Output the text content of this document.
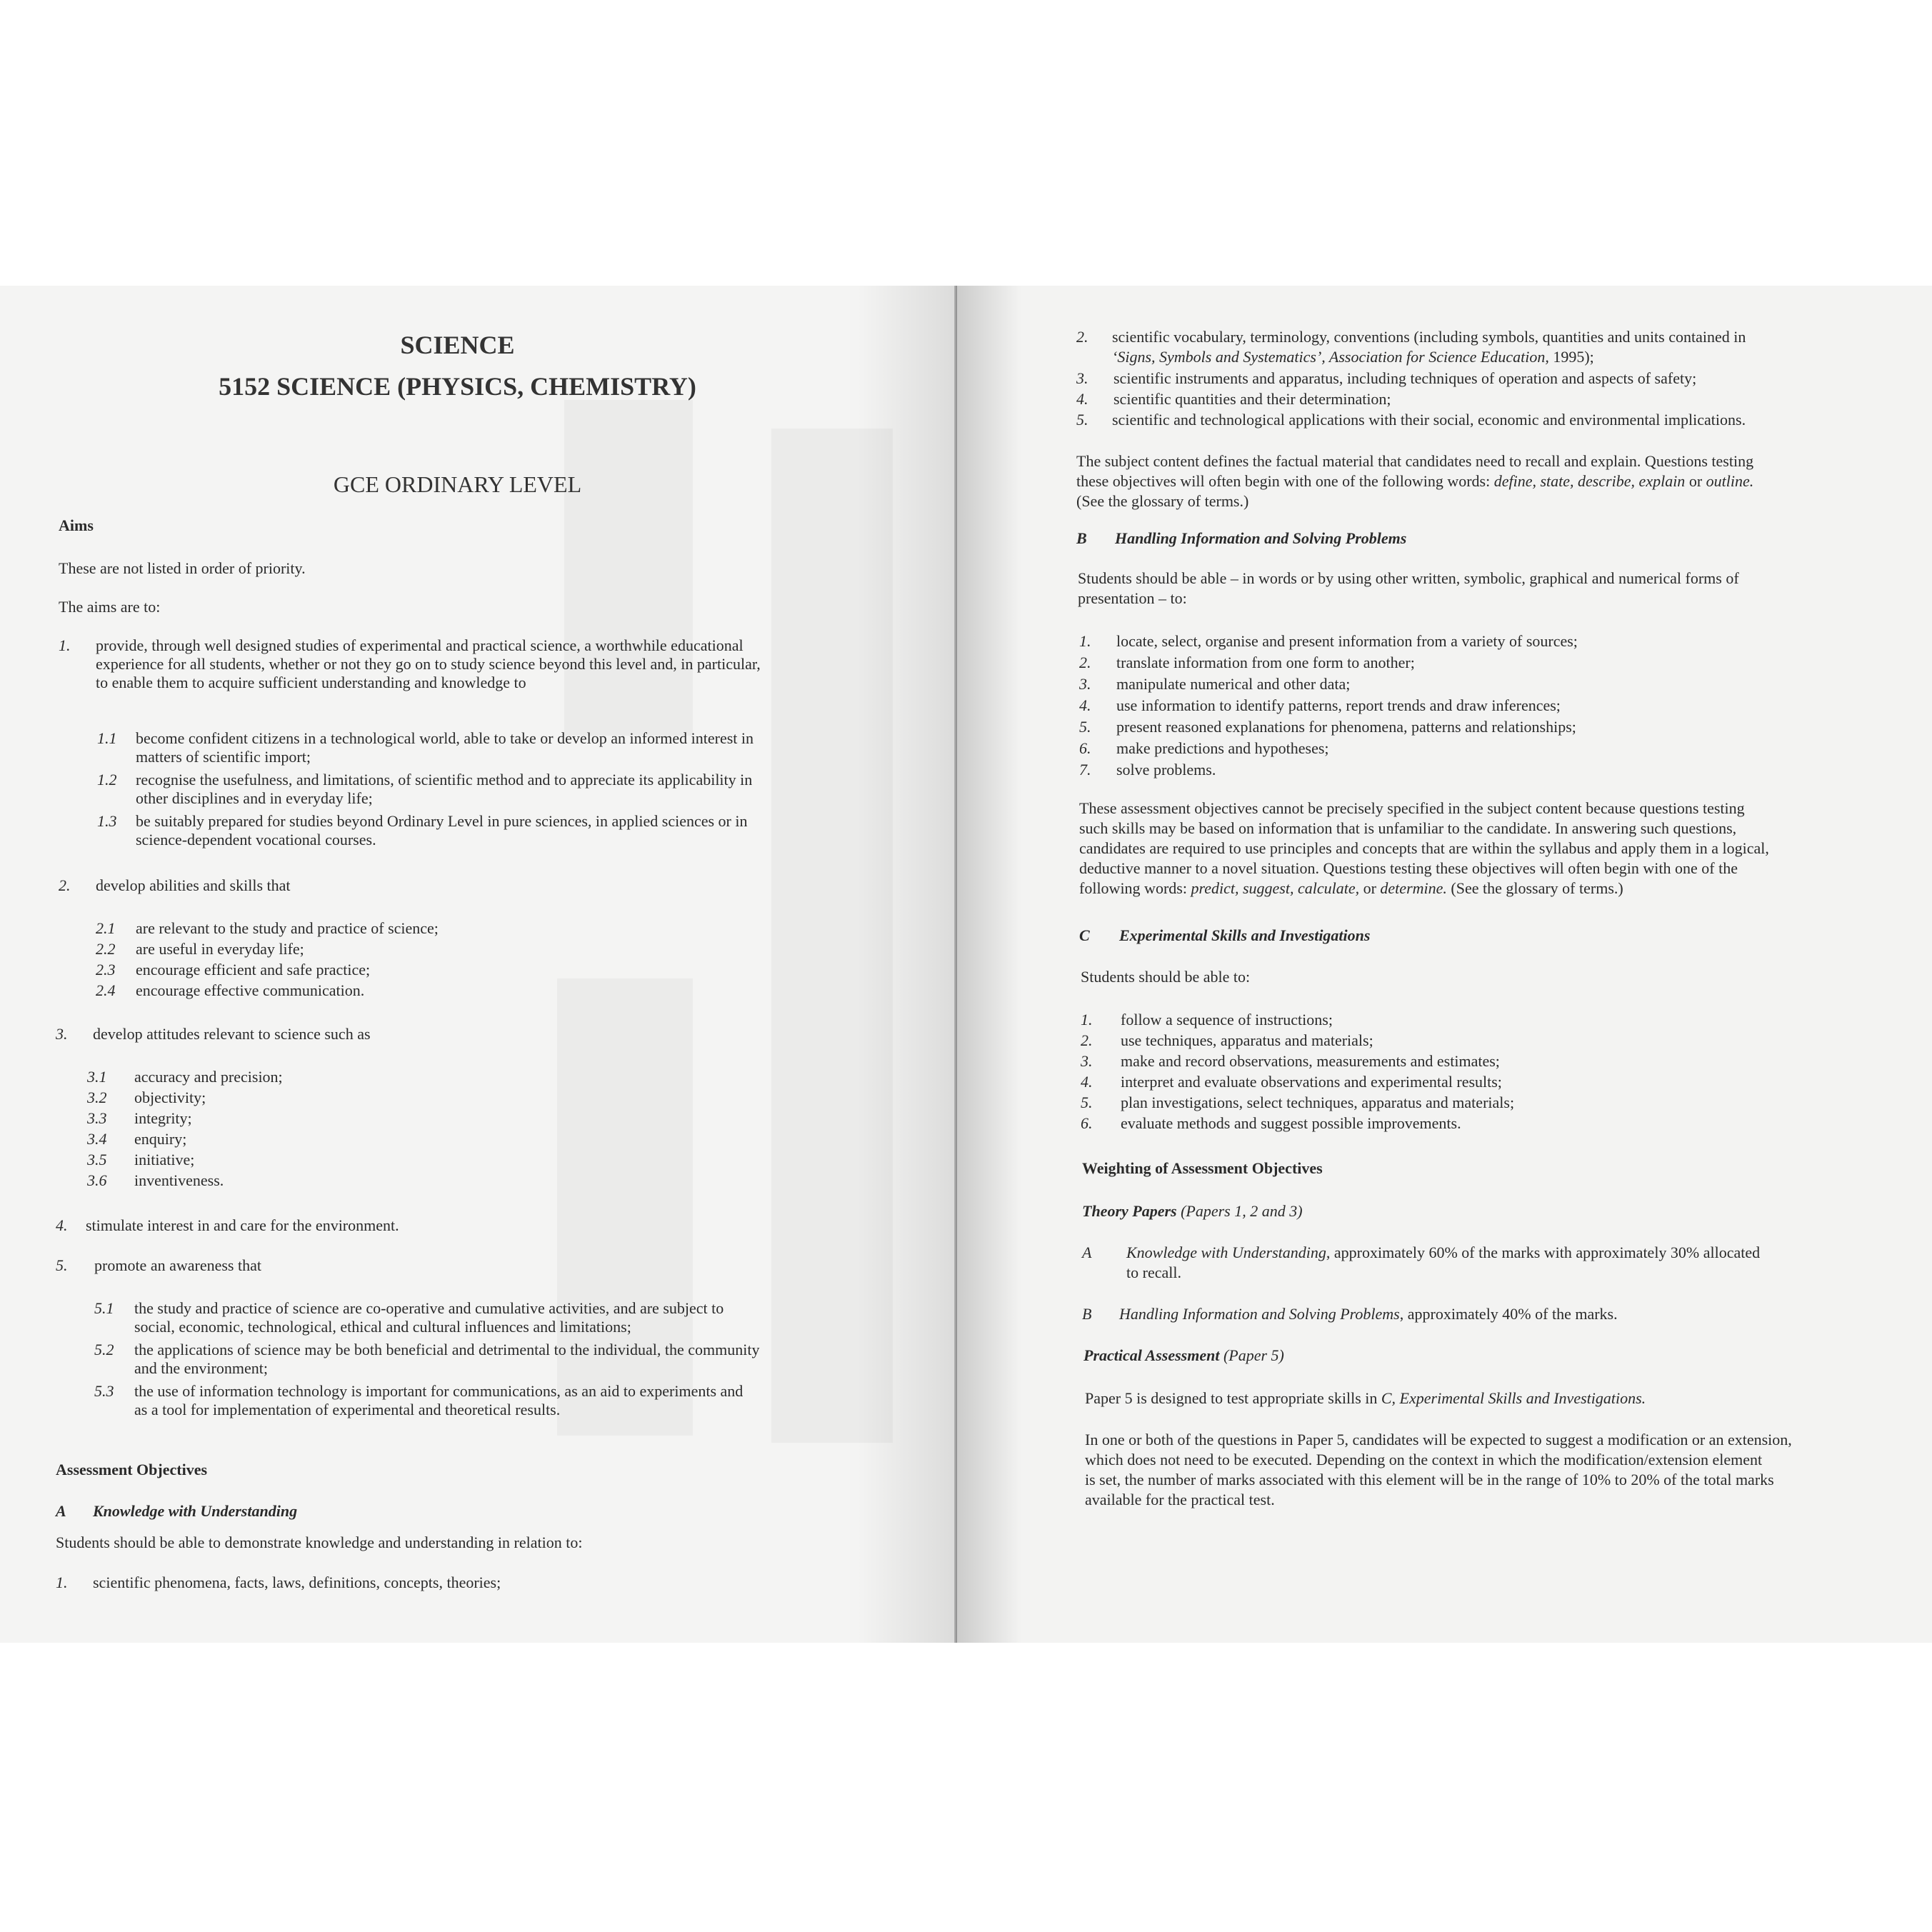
SCIENCE
5152 SCIENCE (PHYSICS, CHEMISTRY)
GCE ORDINARY LEVEL
Aims

These are not listed in order of priority.

The aims are to:

1. provide, through well designed studies of experimental and practical science, a worthwhile educational
experience for all students, whether or not they go on to study science beyond this level and, in particular,
to enable them to acquire sufficient understanding and knowledge to
1.1 become confident citizens in a technological world, able to take or develop an informed interest in
matters of scientific import;
1.2 recognise the usefulness, and limitations, of scientific method and to appreciate its applicability in
other disciplines and in everyday life;
1.3 be suitably prepared for studies beyond Ordinary Level in pure sciences, in applied sciences or in
science-dependent vocational courses.
2. develop abilities and skills that
2.1 are relevant to the study and practice of science;
2.2 are useful in everyday life;
2.3 encourage efficient and safe practice;
2.4 encourage effective communication.
3. develop attitudes relevant to science such as
3.1 accuracy and precision;
3.2 objectivity;
3.3 integrity;
3.4 enquiry;
3.5 initiative;
3.6 inventiveness.
4. stimulate interest in and care for the environment.
5. promote an awareness that
5.1 the study and practice of science are co-operative and cumulative activities, and are subject to
social, economic, technological, ethical and cultural influences and limitations;
5.2 the applications of science may be both beneficial and detrimental to the individual, the community
and the environment;
5.3 the use of information technology is important for communications, as an aid to experiments and
as a tool for implementation of experimental and theoretical results.
Assessment Objectives
A Knowledge with Understanding

Students should be able to demonstrate knowledge and understanding in relation to:

1. scientific phenomena, facts, laws, definitions, concepts, theories;
2. scientific vocabulary, terminology, conventions (including symbols, quantities and units contained in
‘Signs, Symbols and Systematics’, Association for Science Education, 1995);
3. scientific instruments and apparatus, including techniques of operation and aspects of safety;
4. scientific quantities and their determination;
5. scientific and technological applications with their social, economic and environmental implications.

The subject content defines the factual material that candidates need to recall and explain. Questions testing

these objectives will often begin with one of the following words: define, state, describe, explain or outline.

(See the glossary of terms.)

B Handling Information and Solving Problems

Students should be able – in words or by using other written, symbolic, graphical and numerical forms of

presentation – to:

1. locate, select, organise and present information from a variety of sources;
2. translate information from one form to another;
3. manipulate numerical and other data;
4. use information to identify patterns, report trends and draw inferences;
5. present reasoned explanations for phenomena, patterns and relationships;
6. make predictions and hypotheses;
7. solve problems.

These assessment objectives cannot be precisely specified in the subject content because questions testing

such skills may be based on information that is unfamiliar to the candidate. In answering such questions,

candidates are required to use principles and concepts that are within the syllabus and apply them in a logical,

deductive manner to a novel situation. Questions testing these objectives will often begin with one of the

following words: predict, suggest, calculate, or determine. (See the glossary of terms.)

C Experimental Skills and Investigations

Students should be able to:

1. follow a sequence of instructions;
2. use techniques, apparatus and materials;
3. make and record observations, measurements and estimates;
4. interpret and evaluate observations and experimental results;
5. plan investigations, select techniques, apparatus and materials;
6. evaluate methods and suggest possible improvements.
Weighting of Assessment Objectives

Theory Papers (Papers 1, 2 and 3)

A Knowledge with Understanding, approximately 60% of the marks with approximately 30% allocated
to recall.
B Handling Information and Solving Problems, approximately 40% of the marks.

Practical Assessment (Paper 5)

Paper 5 is designed to test appropriate skills in C, Experimental Skills and Investigations.

In one or both of the questions in Paper 5, candidates will be expected to suggest a modification or an extension,

which does not need to be executed. Depending on the context in which the modification/extension element

is set, the number of marks associated with this element will be in the range of 10% to 20% of the total marks

available for the practical test.
